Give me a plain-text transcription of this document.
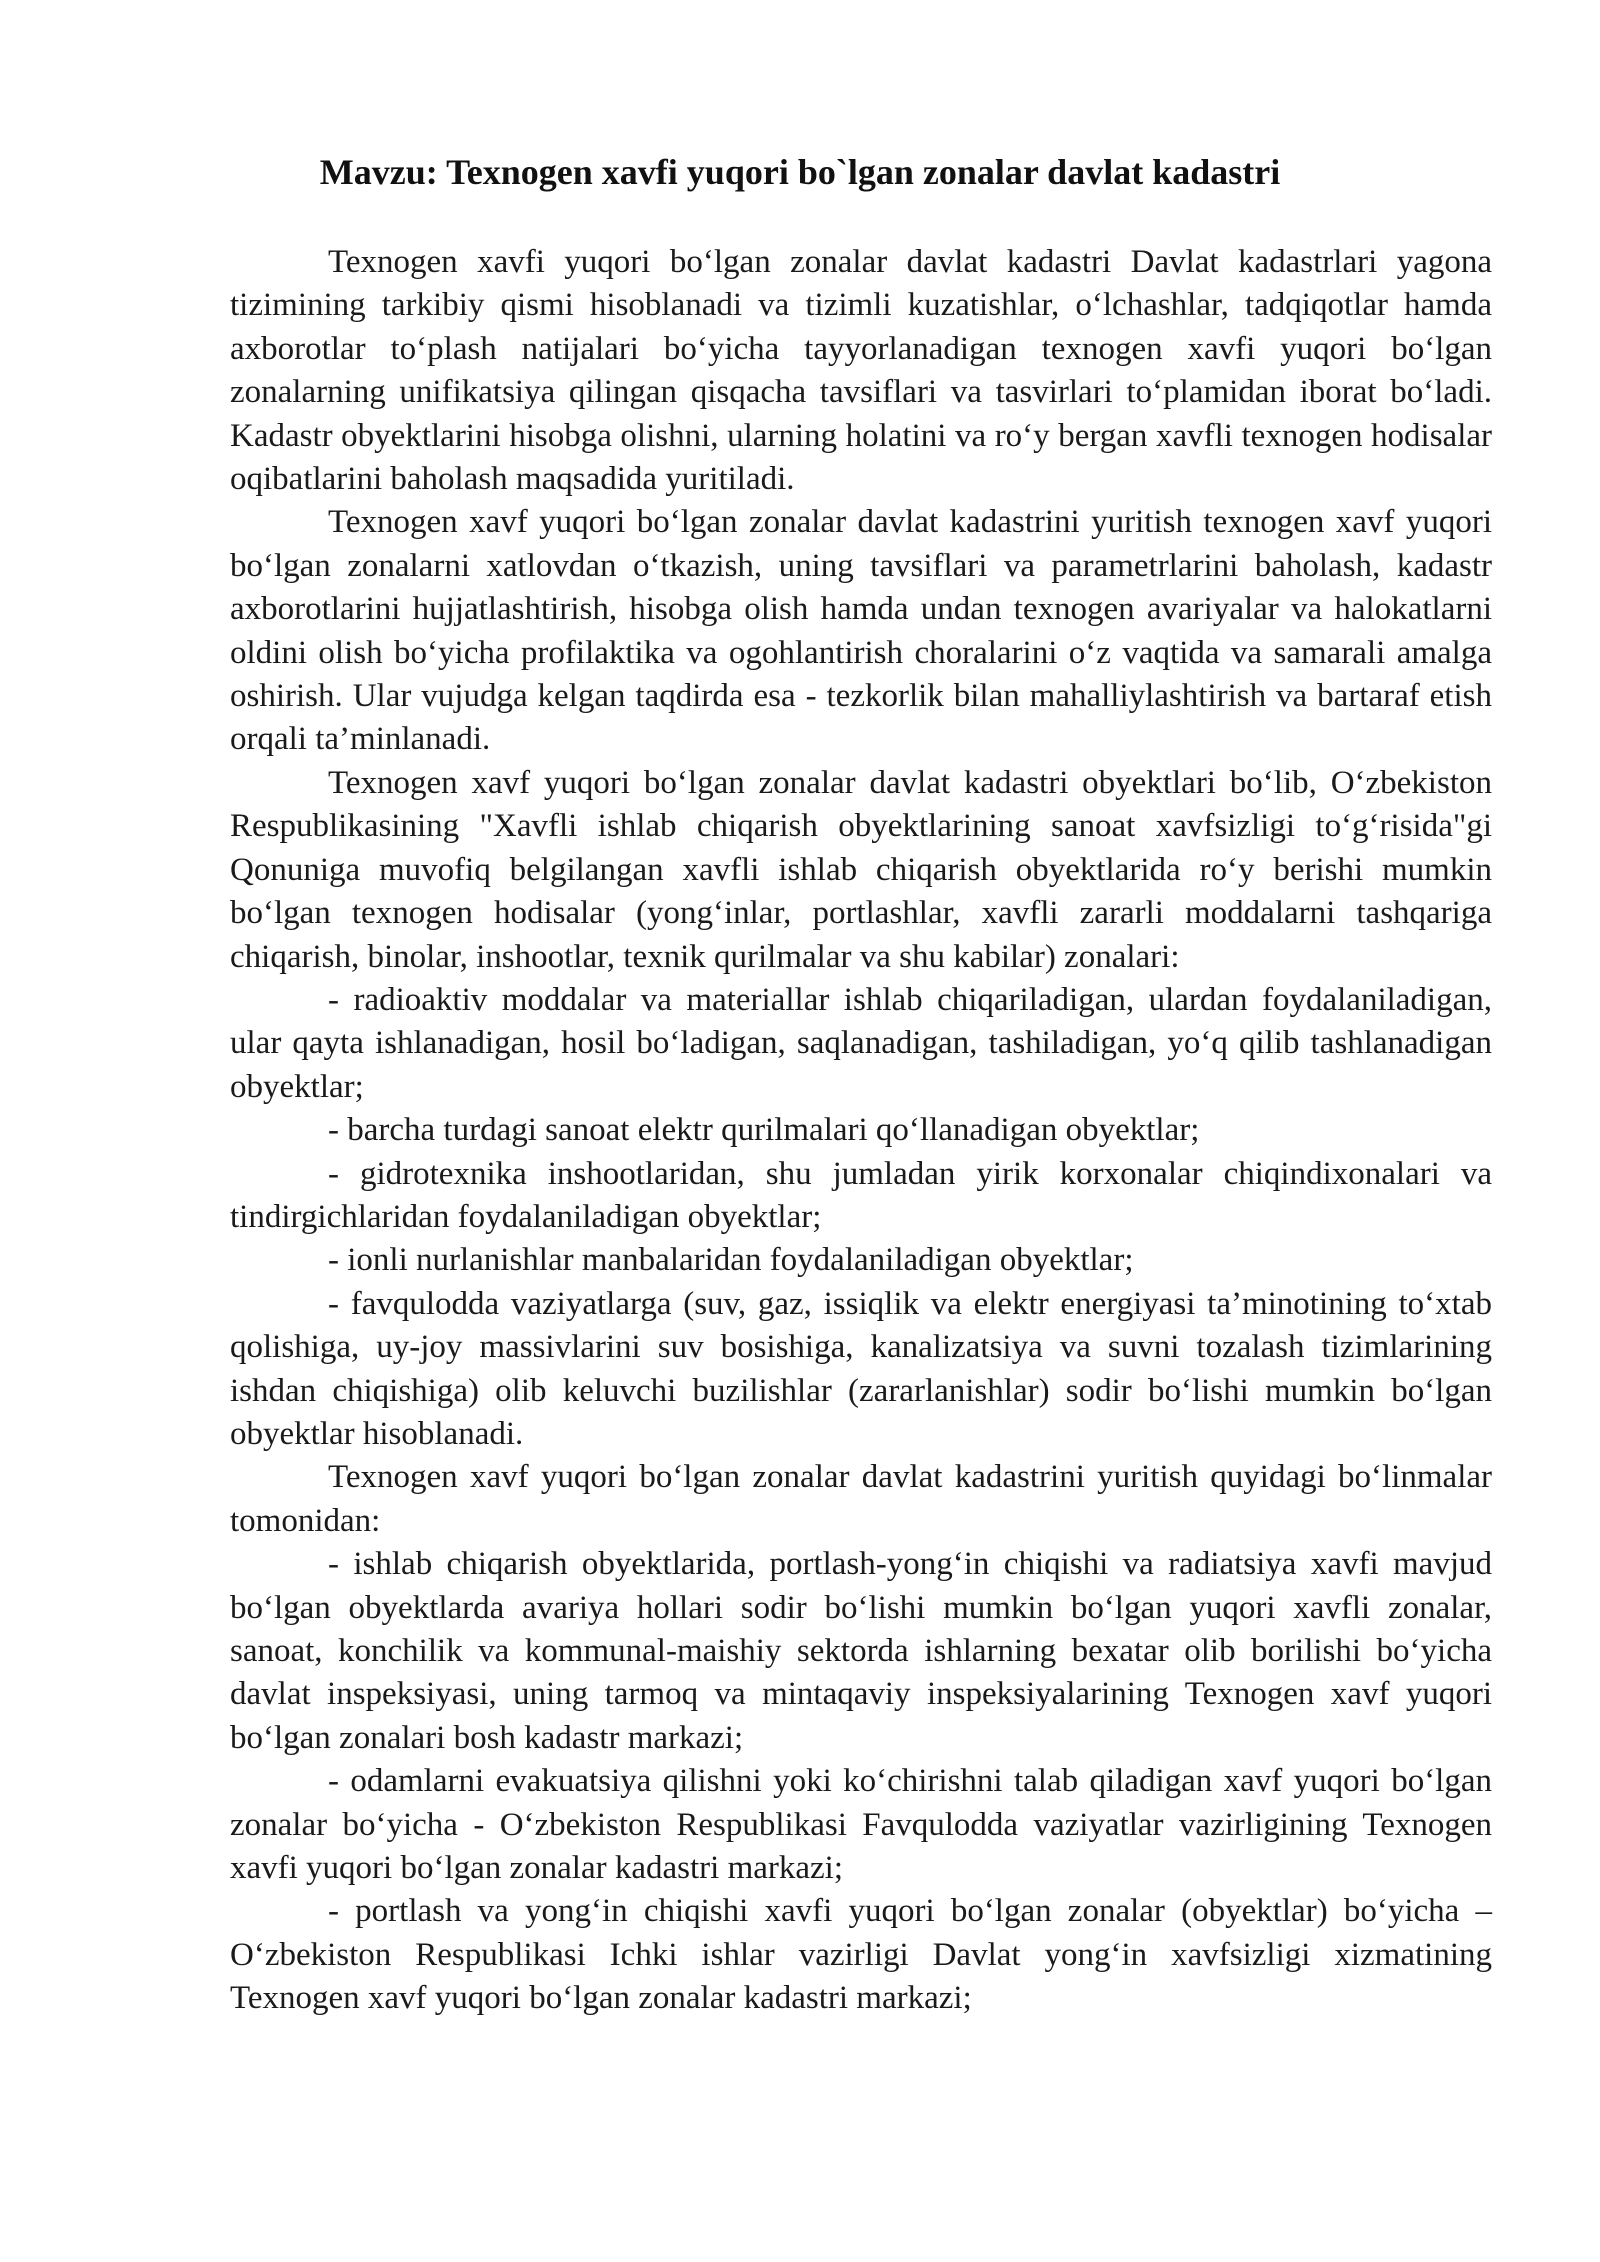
Mavzu: Texnogen xavfi yuqori bo`lgan zonalar davlat kadastri

Texnogen xavfi yuqori bo‘lgan zonalar davlat kadastri Davlat kadastrlari yagona tizimining tarkibiy qismi hisoblanadi va tizimli kuzatishlar, o‘lchashlar, tadqiqotlar hamda axborotlar to‘plash natijalari bo‘yicha tayyorlanadigan texnogen xavfi yuqori bo‘lgan zonalarning unifikatsiya qilingan qisqacha tavsiflari va tasvirlari to‘plamidan iborat bo‘ladi. Kadastr obyektlarini hisobga olishni, ularning holatini va ro‘y bergan xavfli texnogen hodisalar oqibatlarini baholash maqsadida yuritiladi.

Texnogen xavf yuqori bo‘lgan zonalar davlat kadastrini yuritish texnogen xavf yuqori bo‘lgan zonalarni xatlovdan o‘tkazish, uning tavsiflari va parametrlarini baholash, kadastr axborotlarini hujjatlashtirish, hisobga olish hamda undan texnogen avariyalar va halokatlarni oldini olish bo‘yicha profilaktika va ogohlantirish choralarini o‘z vaqtida va samarali amalga oshirish. Ular vujudga kelgan taqdirda esa - tezkorlik bilan mahalliylashtirish va bartaraf etish orqali ta’minlanadi.

Texnogen xavf yuqori bo‘lgan zonalar davlat kadastri obyektlari bo‘lib, O‘zbekiston Respublikasining "Xavfli ishlab chiqarish obyektlarining sanoat xavfsizligi to‘g‘risida"gi Qonuniga muvofiq belgilangan xavfli ishlab chiqarish obyektlarida ro‘y berishi mumkin bo‘lgan texnogen hodisalar (yong‘inlar, portlashlar, xavfli zararli moddalarni tashqariga chiqarish, binolar, inshootlar, texnik qurilmalar va shu kabilar) zonalari:

- radioaktiv moddalar va materiallar ishlab chiqariladigan, ulardan foydalaniladigan, ular qayta ishlanadigan, hosil bo‘ladigan, saqlanadigan, tashiladigan, yo‘q qilib tashlanadigan obyektlar;

- barcha turdagi sanoat elektr qurilmalari qo‘llanadigan obyektlar;

- gidrotexnika inshootlaridan, shu jumladan yirik korxonalar chiqindixonalari va tindirgichlaridan foydalaniladigan obyektlar;

- ionli nurlanishlar manbalaridan foydalaniladigan obyektlar;

- favqulodda vaziyatlarga (suv, gaz, issiqlik va elektr energiyasi ta’minotining to‘xtab qolishiga, uy-joy massivlarini suv bosishiga, kanalizatsiya va suvni tozalash tizimlarining ishdan chiqishiga) olib keluvchi buzilishlar (zararlanishlar) sodir bo‘lishi mumkin bo‘lgan obyektlar hisoblanadi.

Texnogen xavf yuqori bo‘lgan zonalar davlat kadastrini yuritish quyidagi bo‘linmalar tomonidan:

- ishlab chiqarish obyektlarida, portlash-yong‘in chiqishi va radiatsiya xavfi mavjud bo‘lgan obyektlarda avariya hollari sodir bo‘lishi mumkin bo‘lgan yuqori xavfli zonalar, sanoat, konchilik va kommunal-maishiy sektorda ishlarning bexatar olib borilishi bo‘yicha davlat inspeksiyasi, uning tarmoq va mintaqaviy inspeksiyalarining Texnogen xavf yuqori bo‘lgan zonalari bosh kadastr markazi;

- odamlarni evakuatsiya qilishni yoki ko‘chirishni talab qiladigan xavf yuqori bo‘lgan zonalar bo‘yicha - O‘zbekiston Respublikasi Favqulodda vaziyatlar vazirligining Texnogen xavfi yuqori bo‘lgan zonalar kadastri markazi;

- portlash va yong‘in chiqishi xavfi yuqori bo‘lgan zonalar (obyektlar) bo‘yicha – O‘zbekiston Respublikasi Ichki ishlar vazirligi Davlat yong‘in xavfsizligi xizmatining Texnogen xavf yuqori bo‘lgan zonalar kadastri markazi;
